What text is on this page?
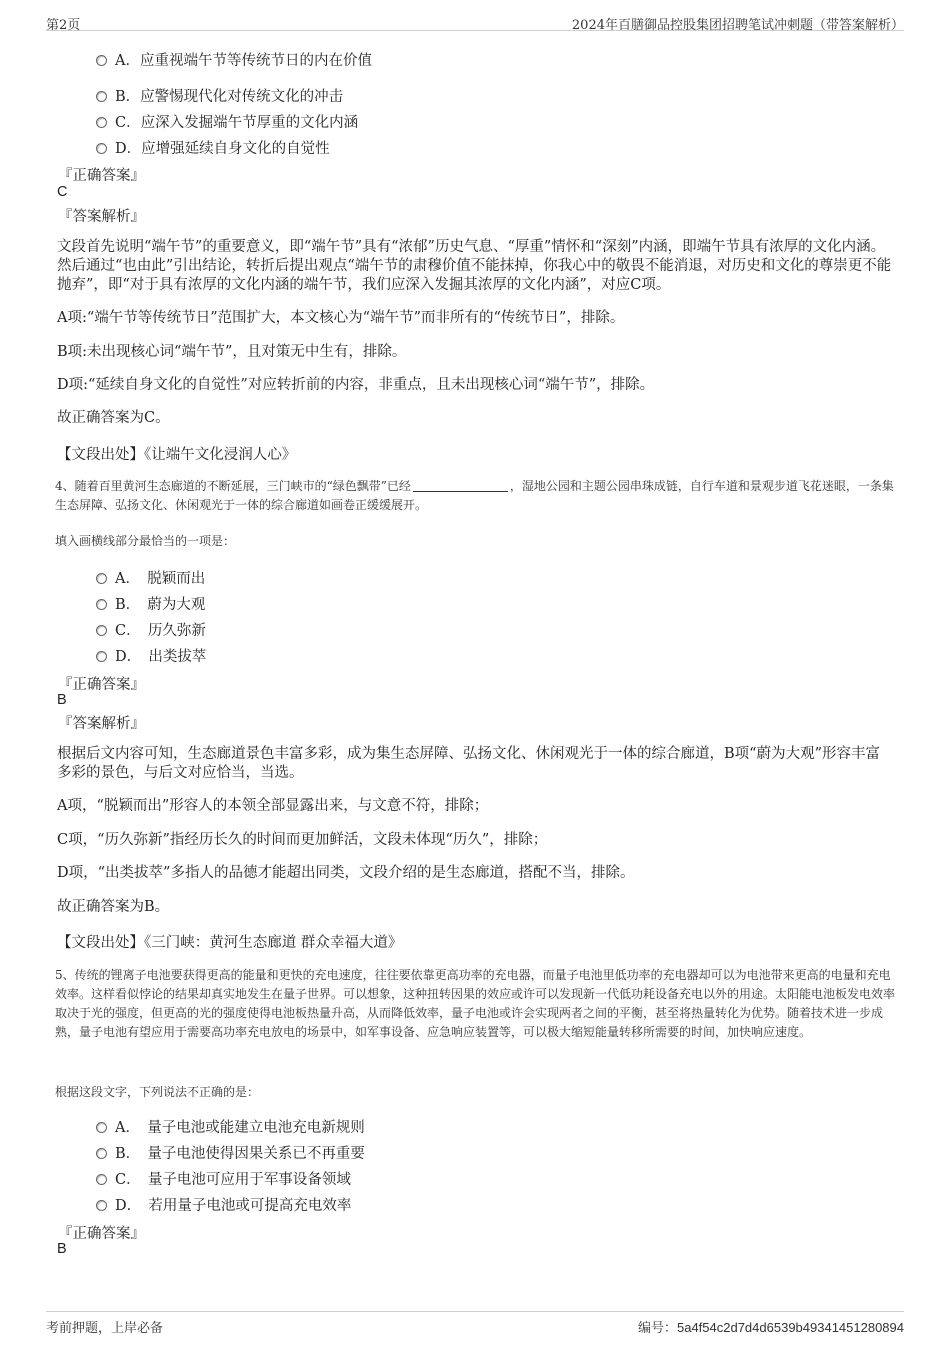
第2页	2024年百膳御品控股集团招聘笔试冲刺题（带答案解析）
A．应重视端午节等传统节日的内在价值
B．应警惕现代化对传统文化的冲击
C．应深入发掘端午节厚重的文化内涵
D．应增强延续自身文化的自觉性
『正确答案』
C
『答案解析』
文段首先说明“端午节”的重要意义，即“端午节”具有“浓郁”历史气息、“厚重”情怀和“深刻”内涵，即端午节具有浓厚的文化内涵。然后通过“也由此”引出结论，转折后提出观点“端午节的肃穆价值不能抹掉，你我心中的敬畏不能消退，对历史和文化的尊崇更不能抛弃”，即“对于具有浓厚的文化内涵的端午节，我们应深入发掘其浓厚的文化内涵”，对应C项。
A项:“端午节等传统节日”范围扩大，本文核心为“端午节”而非所有的“传统节日”，排除。
B项:未出现核心词“端午节”，且对策无中生有，排除。
D项:“延续自身文化的自觉性”对应转折前的内容，非重点，且未出现核心词“端午节”，排除。
故正确答案为C。
【文段出处】《让端午文化浸润人心》
4、随着百里黄河生态廊道的不断延展，三门峡市的“绿色飘带”已经	，湿地公园和主题公园串珠成链，自行车道和景观步道飞花迷眼，一条集生态屏障、弘扬文化、休闲观光于一体的综合廊道如画卷正缓缓展开。
填入画横线部分最恰当的一项是：
A．　脱颖而出
B．　蔚为大观
C．　历久弥新
D．　出类拔萃
『正确答案』
B
『答案解析』
根据后文内容可知，生态廊道景色丰富多彩，成为集生态屏障、弘扬文化、休闲观光于一体的综合廊道，B项“蔚为大观”形容丰富多彩的景色，与后文对应恰当，当选。
A项，“脱颖而出”形容人的本领全部显露出来，与文意不符，排除；
C项，“历久弥新”指经历长久的时间而更加鲜活，文段未体现“历久”，排除；
D项，“出类拔萃”多指人的品德才能超出同类，文段介绍的是生态廊道，搭配不当，排除。
故正确答案为B。
【文段出处】《三门峡：黄河生态廊道 群众幸福大道》
5、传统的锂离子电池要获得更高的能量和更快的充电速度，往往要依靠更高功率的充电器，而量子电池里低功率的充电器却可以为电池带来更高的电量和充电效率。这样看似悖论的结果却真实地发生在量子世界。可以想象，这种扭转因果的效应或许可以发现新一代低功耗设备充电以外的用途。太阳能电池板发电效率取决于光的强度，但更高的光的强度使得电池板热量升高，从而降低效率，量子电池或许会实现两者之间的平衡，甚至将热量转化为优势。随着技术进一步成熟，量子电池有望应用于需要高功率充电放电的场景中，如军事设备、应急响应装置等，可以极大缩短能量转移所需要的时间，加快响应速度。
根据这段文字，下列说法不正确的是：
A．　量子电池或能建立电池充电新规则
B．　量子电池使得因果关系已不再重要
C．　量子电池可应用于军事设备领域
D．　若用量子电池或可提高充电效率
『正确答案』
B
考前押题，上岸必备	编号：5a4f54c2d7d4d6539b49341451280894
